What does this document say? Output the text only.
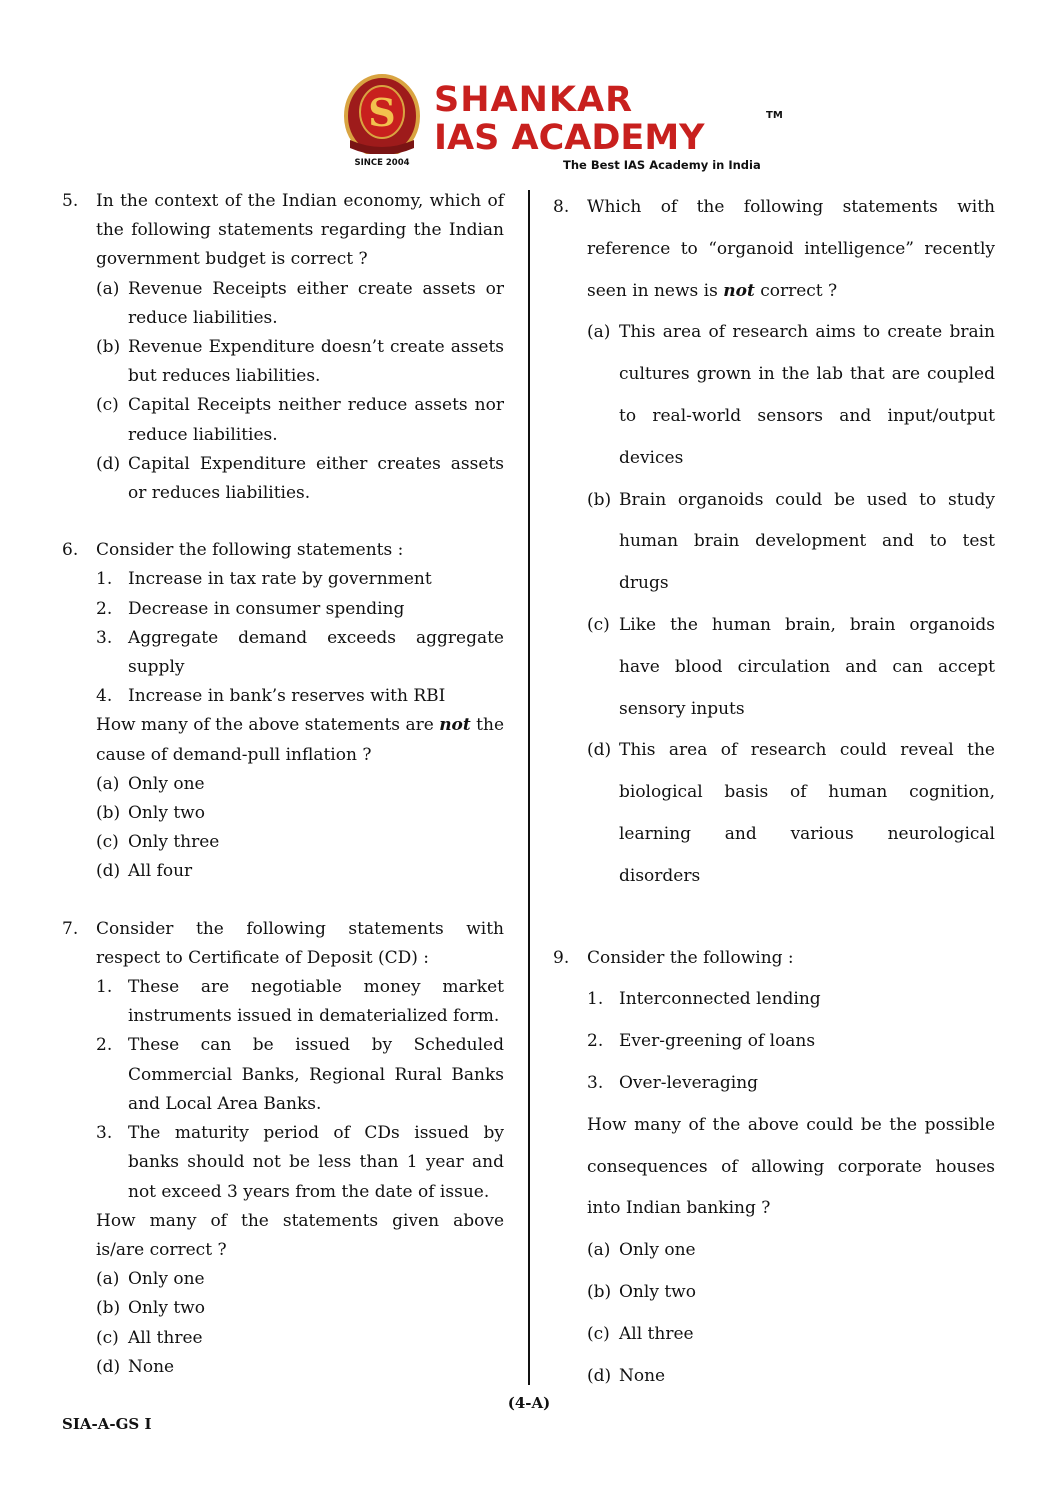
S
SINCE 2004
SHANKAR
IAS ACADEMY
TM
The Best IAS Academy in India
5.	In the context of the Indian economy, which of the following statements regarding the Indian government budget is correct ?
(a) Revenue Receipts either create assets or reduce liabilities.
(b) Revenue Expenditure doesn’t create assets but reduces liabilities.
(c) Capital Receipts neither reduce assets nor reduce liabilities.
(d) Capital Expenditure either creates assets or reduces liabilities.
6.	Consider the following statements :
1. Increase in tax rate by government
2. Decrease in consumer spending
3. Aggregate demand exceeds aggregate supply
4. Increase in bank’s reserves with RBI
How many of the above statements are not the cause of demand-pull inflation ?
(a) Only one
(b) Only two
(c) Only three
(d) All four
7.	Consider the following statements with respect to Certificate of Deposit (CD) :
1. These are negotiable money market instruments issued in dematerialized form.
2. These can be issued by Scheduled Commercial Banks, Regional Rural Banks and Local Area Banks.
3. The maturity period of CDs issued by banks should not be less than 1 year and not exceed 3 years from the date of issue.
How many of the statements given above is/are correct ?
(a) Only one
(b) Only two
(c) All three
(d) None
8.	Which of the following statements with reference to “organoid intelligence” recently seen in news is not correct ?
(a) This area of research aims to create brain cultures grown in the lab that are coupled to real-world sensors and input/output devices
(b) Brain organoids could be used to study human brain development and to test drugs
(c) Like the human brain, brain organoids have blood circulation and can accept sensory inputs
(d) This area of research could reveal the biological basis of human cognition, learning and various neurological disorders
9.	Consider the following :
1. Interconnected lending
2. Ever-greening of loans
3. Over-leveraging
How many of the above could be the possible consequences of allowing corporate houses into Indian banking ?
(a) Only one
(b) Only two
(c) All three
(d) None
(4-A)
SIA-A-GS I
